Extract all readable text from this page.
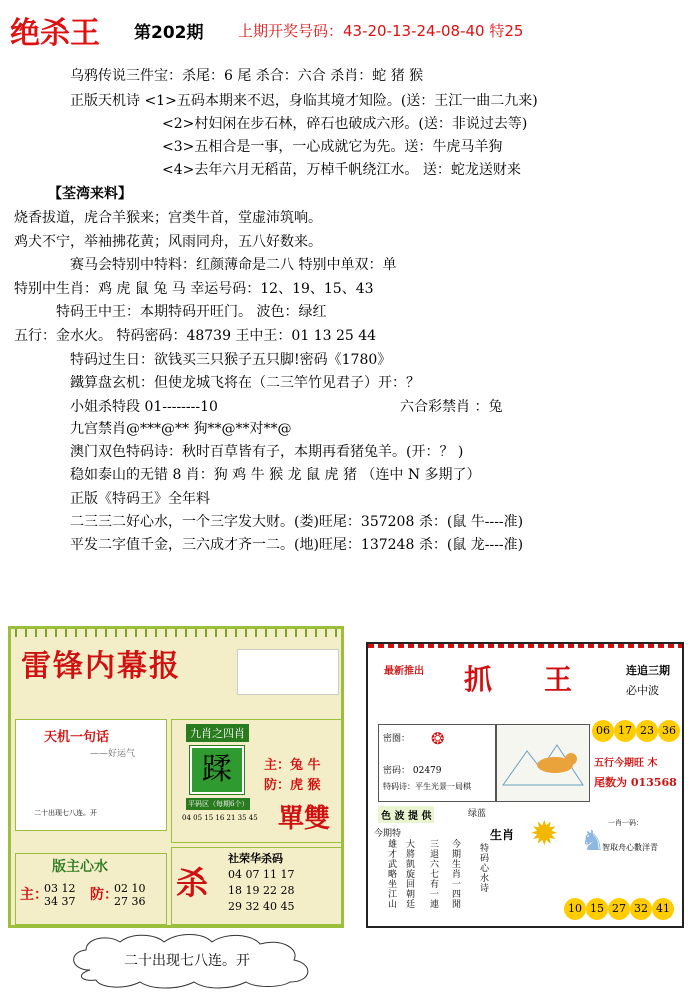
绝杀王 第202期 上期开奖号码：43-20-13-24-08-40 特25
乌鸦传说三件宝：杀尾：6 尾 杀合：六合 杀肖：蛇 猪 猴
正版天机诗 <1>五码本期来不迟，身临其境才知险。(送：王江一曲二九来)
<2>村妇闲在步石林，碎石也破成六形。(送：非说过去等)
<3>五相合是一事，一心成就它为先。送：牛虎马羊狗
<4>去年六月无稻苗，万棹千帆绕江水。 送：蛇龙送财来
【荃湾来料】
烧香拔道，虎合羊猴来；宫类牛首，堂虚沛筑响。
鸡犬不宁，举袖拂花黄；风雨同舟，五八好数来。
赛马会特别中特料：红颜薄命是二八 特别中单双：单
特别中生肖：鸡 虎 鼠 兔 马 幸运号码：12、19、15、43
特码王中王：本期特码开旺门。 波色：绿红
五行：金水火。 特码密码：48739 王中王：01 13 25 44
特码过生日：欲钱买三只猴子五只脚!密码《1780》
鐵算盘玄机：但使龙城飞将在（二三竿竹见君子）开：？
小姐杀特段 01--------10	六合彩禁肖 ：兔
九宫禁肖@***@** 狗**@**对**@
澳门双色特码诗：秋时百草皆有子，本期再看猪兔羊。(开：？ )
稳如泰山的无错 8 肖：狗 鸡 牛 猴 龙 鼠 虎 猪 （连中 N 多期了）
正版《特码王》全年料
二三三二好心水，一个三字发大财。(娄)旺尾：357208 杀：(鼠 牛----准)
平发二字值千金，三六成才齐一二。(地)旺尾：137248 杀：(鼠 龙----准)
雷锋内幕报
天机一句话
——好运气
二十出现七八连。开
版主心水
主：
03 12 34 37	防：
02 10 27 36
九肖之四肖
蹂	主：兔 牛
防：虎 猴
平码区（每期6个）
04 05 15 16 21 35 45 單雙
杀
社荣华杀码
04 07 11 17
18 19 22 28
29 32 40 45
最新推出 抓 王	连追三期
必中波
密圈： ❂
密码： 02479
特码诗：平生光景一局棋
06 17 23 36
五行今期旺 木
尾数为 013568
色 波 提 供	绿蓝
生肖
今期特
雄才武略坐江山
大將凱旋回朝廷
三退六七有一連
今期生肖一四閒
特码心水诗
✹ ♞
一肖一码：
智取舟心數洋青
10 15 27 32 41
二十出现七八连。开
